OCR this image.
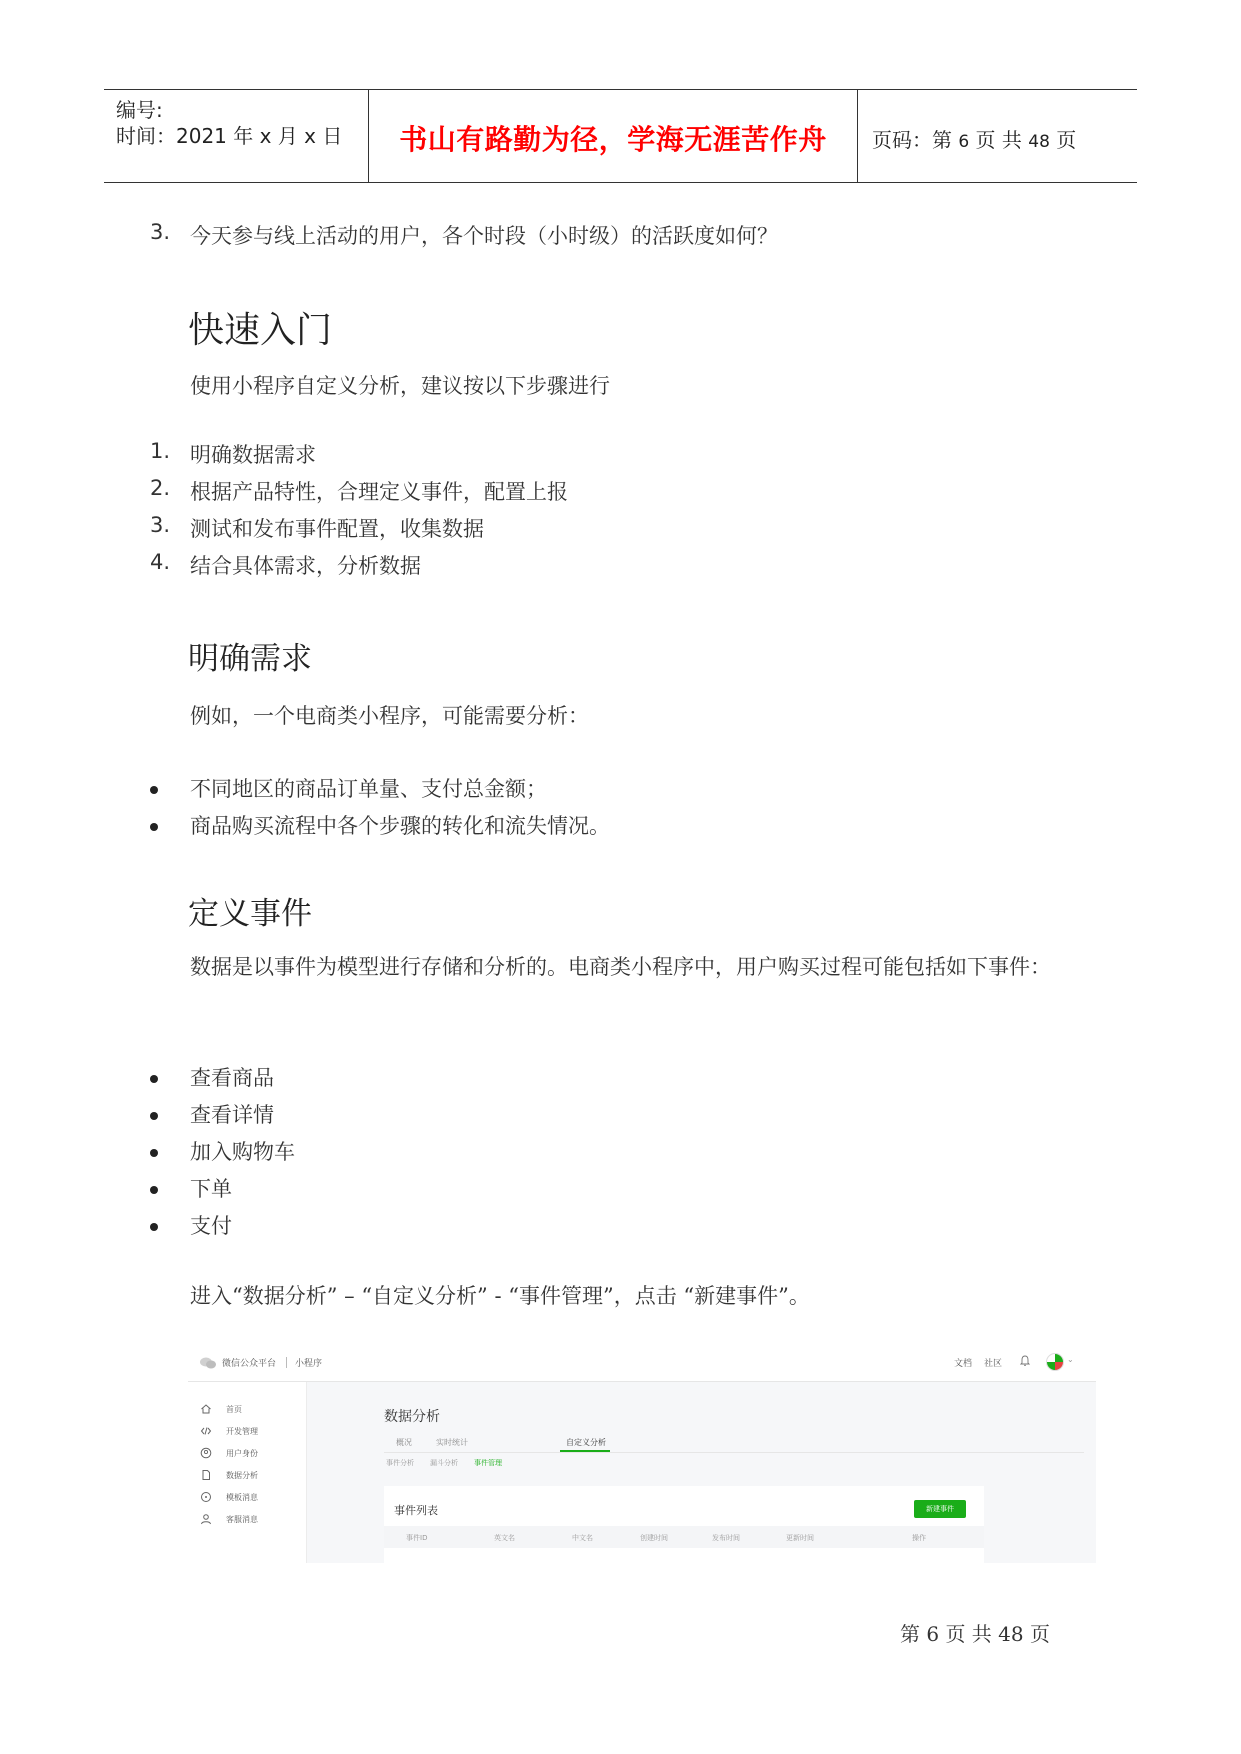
编号:
时间：2021 年 x 月 x 日	书山有路勤为径，学海无涯苦作舟	页码：第 6 页 共 48 页
3. 今天参与线上活动的用户，各个时段（小时级）的活跃度如何？
快速入门
使用小程序自定义分析，建议按以下步骤进行
1. 明确数据需求
2. 根据产品特性，合理定义事件，配置上报
3. 测试和发布事件配置，收集数据
4. 结合具体需求，分析数据
明确需求
例如，一个电商类小程序，可能需要分析：
不同地区的商品订单量、支付总金额；
商品购买流程中各个步骤的转化和流失情况。
定义事件
数据是以事件为模型进行存储和分析的。电商类小程序中，用户购买过程可能包括如下事件：
查看商品
查看详情
加入购物车
下单
支付
进入“数据分析” – “自定义分析” - “事件管理”，点击 “新建事件”。
微信公众平台 小程序	文档 社区	⌄
首页
开发管理
用户身份
数据分析
模板消息
客服消息
数据分析
概况	实时统计	自定义分析
事件分析 漏斗分析 事件管理
事件列表	新建事件
事件ID	英文名	中文名	创建时间	发布时间	更新时间	操作
第 6 页 共 48 页
